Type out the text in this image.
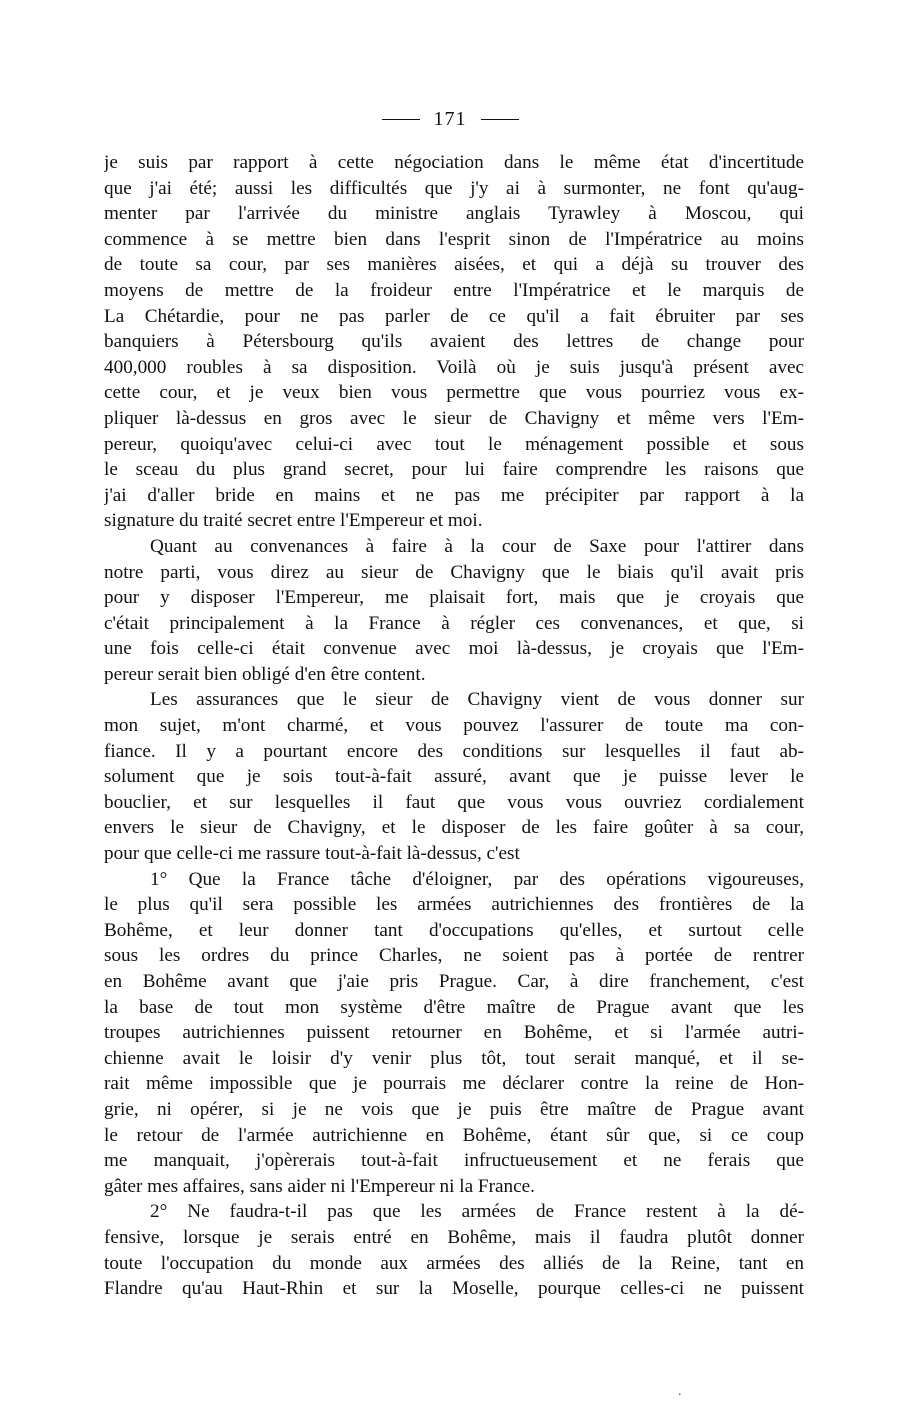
171
je suis par rapport à cette négociation dans le même état d'incertitude
que j'ai été; aussi les difficultés que j'y ai à surmonter, ne font qu'aug-
menter par l'arrivée du ministre anglais Tyrawley à Moscou, qui
commence à se mettre bien dans l'esprit sinon de l'Impératrice au moins
de toute sa cour, par ses manières aisées, et qui a déjà su trouver des
moyens de mettre de la froideur entre l'Impératrice et le marquis de
La Chétardie, pour ne pas parler de ce qu'il a fait ébruiter par ses
banquiers à Pétersbourg qu'ils avaient des lettres de change pour
400,000 roubles à sa disposition. Voilà où je suis jusqu'à présent avec
cette cour, et je veux bien vous permettre que vous pourriez vous ex-
pliquer là-dessus en gros avec le sieur de Chavigny et même vers l'Em-
pereur, quoiqu'avec celui-ci avec tout le ménagement possible et sous
le sceau du plus grand secret, pour lui faire comprendre les raisons que
j'ai d'aller bride en mains et ne pas me précipiter par rapport à la
signature du traité secret entre l'Empereur et moi.
Quant au convenances à faire à la cour de Saxe pour l'attirer dans
notre parti, vous direz au sieur de Chavigny que le biais qu'il avait pris
pour y disposer l'Empereur, me plaisait fort, mais que je croyais que
c'était principalement à la France à régler ces convenances, et que, si
une fois celle-ci était convenue avec moi là-dessus, je croyais que l'Em-
pereur serait bien obligé d'en être content.
Les assurances que le sieur de Chavigny vient de vous donner sur
mon sujet, m'ont charmé, et vous pouvez l'assurer de toute ma con-
fiance. Il y a pourtant encore des conditions sur lesquelles il faut ab-
solument que je sois tout-à-fait assuré, avant que je puisse lever le
bouclier, et sur lesquelles il faut que vous vous ouvriez cordialement
envers le sieur de Chavigny, et le disposer de les faire goûter à sa cour,
pour que celle-ci me rassure tout-à-fait là-dessus, c'est
1° Que la France tâche d'éloigner, par des opérations vigoureuses,
le plus qu'il sera possible les armées autrichiennes des frontières de la
Bohême, et leur donner tant d'occupations qu'elles, et surtout celle
sous les ordres du prince Charles, ne soient pas à portée de rentrer
en Bohême avant que j'aie pris Prague. Car, à dire franchement, c'est
la base de tout mon système d'être maître de Prague avant que les
troupes autrichiennes puissent retourner en Bohême, et si l'armée autri-
chienne avait le loisir d'y venir plus tôt, tout serait manqué, et il se-
rait même impossible que je pourrais me déclarer contre la reine de Hon-
grie, ni opérer, si je ne vois que je puis être maître de Prague avant
le retour de l'armée autrichienne en Bohême, étant sûr que, si ce coup
me manquait, j'opèrerais tout-à-fait infructueusement et ne ferais que
gâter mes affaires, sans aider ni l'Empereur ni la France.
2° Ne faudra-t-il pas que les armées de France restent à la dé-
fensive, lorsque je serais entré en Bohême, mais il faudra plutôt donner
toute l'occupation du monde aux armées des alliés de la Reine, tant en
Flandre qu'au Haut-Rhin et sur la Moselle, pourque celles-ci ne puissent
.
